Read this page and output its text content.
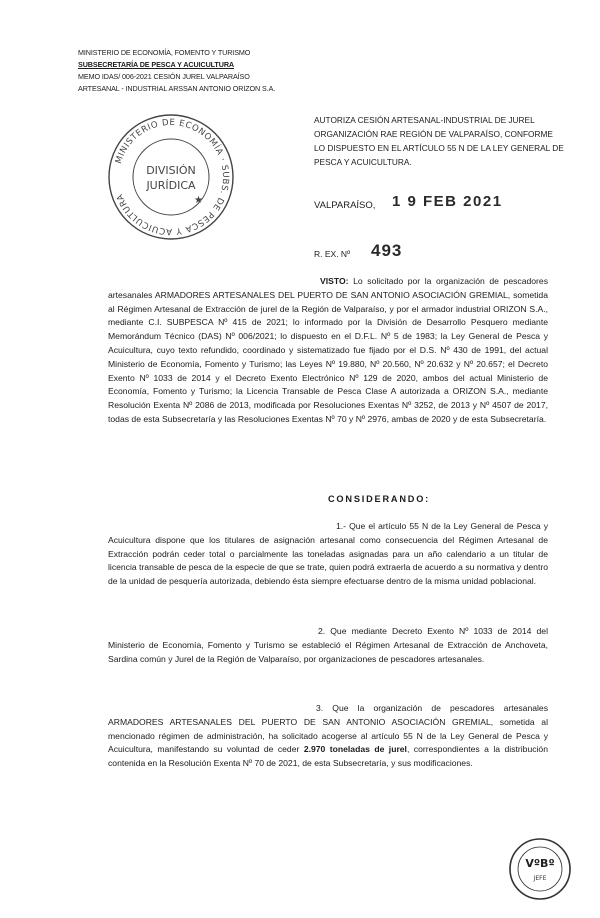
MINISTERIO DE ECONOMÍA, FOMENTO Y TURISMO
SUBSECRETARÍA DE PESCA Y ACUICULTURA
MEMO IDAS/ 006-2021 CESIÓN JUREL VALPARAÍSO
ARTESANAL - INDUSTRIAL ARSSAN ANTONIO ORIZON S.A.
MINISTERIO DE ECONOMÍA · SUBS. DE PESCA Y ACUICULTURA
DIVISIÓN
JURÍDICA
★
AUTORIZA CESIÓN ARTESANAL-INDUSTRIAL DE JUREL ORGANIZACIÓN RAE REGIÓN DE VALPARAÍSO, CONFORME LO DISPUESTO EN EL ARTÍCULO 55 N DE LA LEY GENERAL DE PESCA Y ACUICULTURA.
VALPARAÍSO, 1 9 FEB 2021
R. EX. Nº 493
VISTO: Lo solicitado por la organización de pescadores artesanales ARMADORES ARTESANALES DEL PUERTO DE SAN ANTONIO ASOCIACIÓN GREMIAL, sometida al Régimen Artesanal de Extracción de jurel de la Región de Valparaíso, y por el armador industrial ORIZON S.A., mediante C.I. SUBPESCA Nº 415 de 2021; lo informado por la División de Desarrollo Pesquero mediante Memorándum Técnico (DAS) Nº 006/2021; lo dispuesto en el D.F.L. Nº 5 de 1983; la Ley General de Pesca y Acuicultura, cuyo texto refundido, coordinado y sistematizado fue fijado por el D.S. Nº 430 de 1991, del actual Ministerio de Economía, Fomento y Turismo; las Leyes Nº 19.880, Nº 20.560, Nº 20.632 y Nº 20.657; el Decreto Exento Nº 1033 de 2014 y el Decreto Exento Electrónico Nº 129 de 2020, ambos del actual Ministerio de Economía, Fomento y Turismo; la Licencia Transable de Pesca Clase A autorizada a ORIZON S.A., mediante Resolución Exenta Nº 2086 de 2013, modificada por Resoluciones Exentas Nº 3252, de 2013 y Nº 4507 de 2017, todas de esta Subsecretaría y las Resoluciones Exentas Nº 70 y Nº 2976, ambas de 2020 y de esta Subsecretaría.
CONSIDERANDO:
1.- Que el artículo 55 N de la Ley General de Pesca y Acuicultura dispone que los titulares de asignación artesanal como consecuencia del Régimen Artesanal de Extracción podrán ceder total o parcialmente las toneladas asignadas para un año calendario a un titular de licencia transable de pesca de la especie de que se trate, quien podrá extraerla de acuerdo a su normativa y dentro de la unidad de pesquería autorizada, debiendo ésta siempre efectuarse dentro de la misma unidad poblacional.
2. Que mediante Decreto Exento Nº 1033 de 2014 del Ministerio de Economía, Fomento y Turismo se estableció el Régimen Artesanal de Extracción de Anchoveta, Sardina común y Jurel de la Región de Valparaíso, por organizaciones de pescadores artesanales.
3. Que la organización de pescadores artesanales ARMADORES ARTESANALES DEL PUERTO DE SAN ANTONIO ASOCIACIÓN GREMIAL, sometida al mencionado régimen de administración, ha solicitado acogerse al artículo 55 N de la Ley General de Pesca y Acuicultura, manifestando su voluntad de ceder 2.970 toneladas de jurel, correspondientes a la distribución contenida en la Resolución Exenta Nº 70 de 2021, de esta Subsecretaría, y sus modificaciones.
VºBº
JEFE
